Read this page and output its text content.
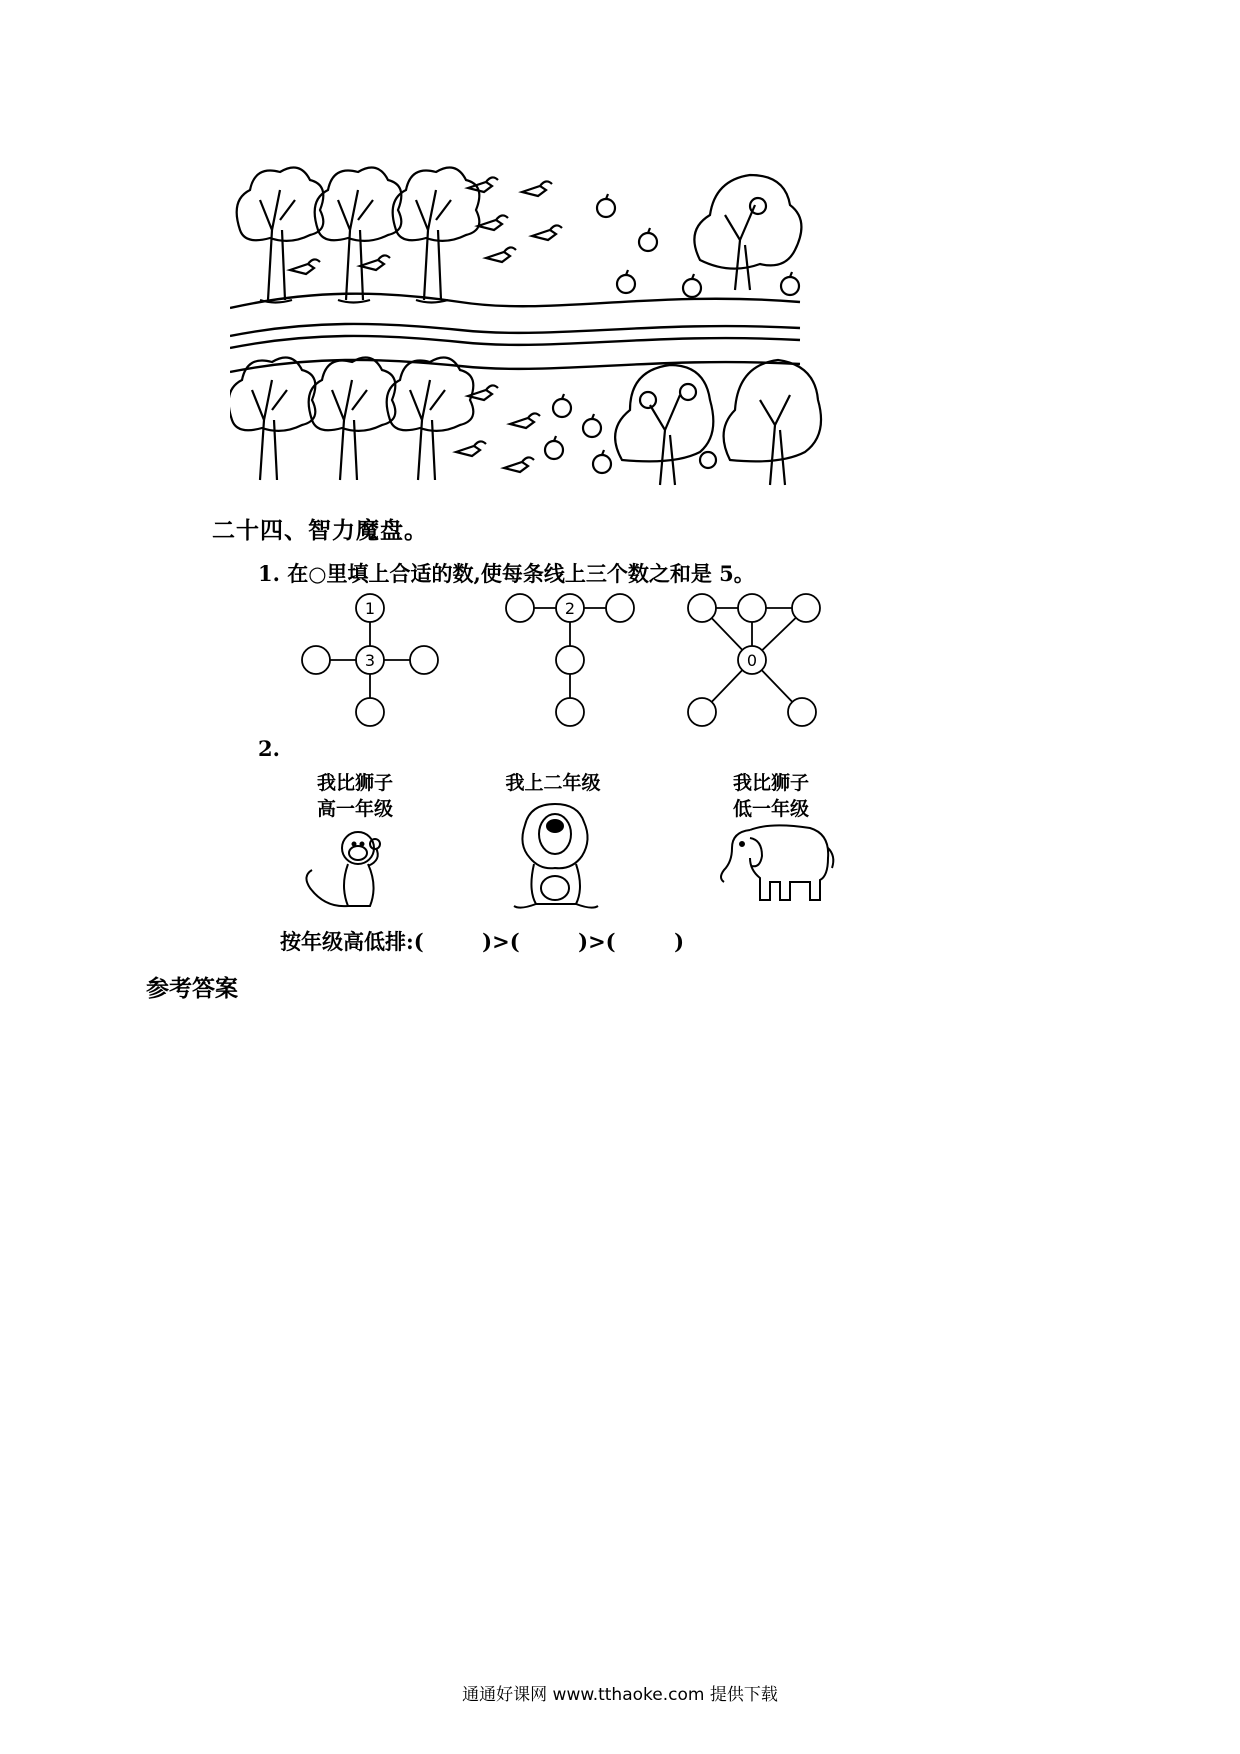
二十四、智力魔盘。
1. 在○里填上合适的数,使每条线上三个数之和是 5。
1
3
2
0
2.
我比狮子
高一年级
我上二年级	我比狮子
低一年级
按年级高低排:(        )>(        )>(        )
参考答案
通通好课网 www.tthaoke.com 提供下载
